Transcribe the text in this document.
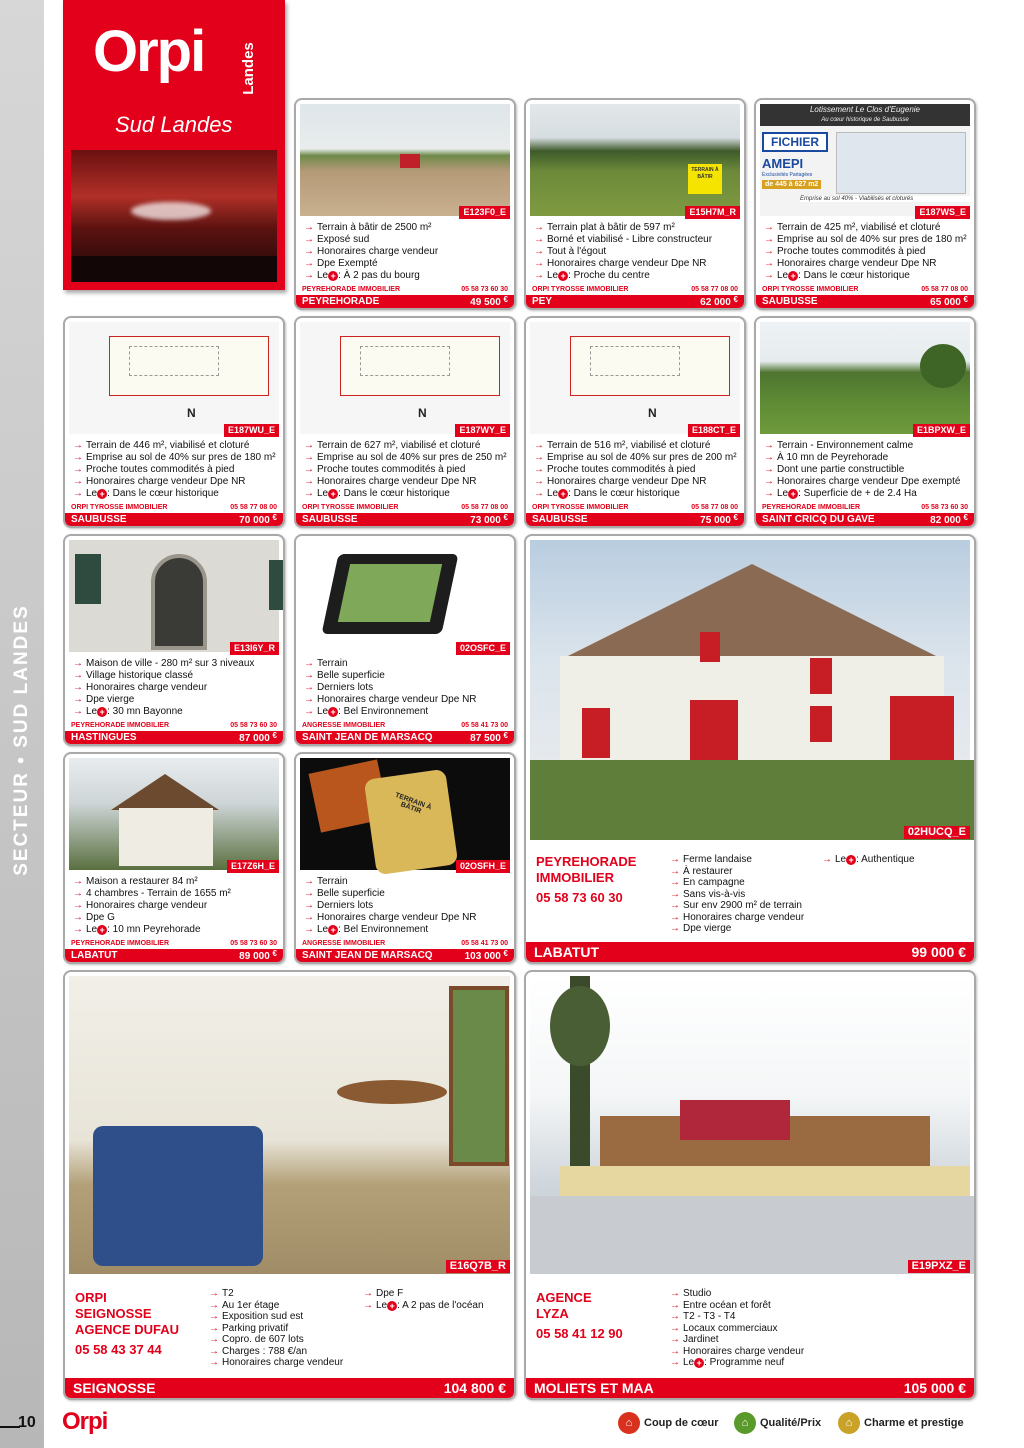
SECTEUR • SUD LANDES
Orpi Landes
Sud Landes
E123F0_E
→ Terrain à bâtir de 2500 m²
→ Exposé sud
→ Honoraires charge vendeur
→ Dpe Exempté
→ Le + : À 2 pas du bourg
PEYREHORADE IMMOBILIER	05 58 73 60 30
PEYREHORADE	49 500 €
TERRAIN À BÂTIR
E15H7M_R
→ Terrain plat à bâtir de 597 m²
→ Borné et viabilisé - Libre constructeur
→ Tout à l'égout
→ Honoraires charge vendeur Dpe NR
→ Le + : Proche du centre
ORPI TYROSSE IMMOBILIER	05 58 77 08 00
PEY	62 000 €
Lotissement Le Clos d'Eugenie
Au cœur historique de Saubusse
FICHIER
AMEPI
Exclusivités Partagées
de 445 à 627 m2
Emprise au sol 40% - Viabilisés et cloturés
E187WS_E
→ Terrain de 425 m², viabilisé et cloturé
→ Emprise au sol de 40% sur pres de 180 m²
→ Proche toutes commodités à pied
→ Honoraires charge vendeur Dpe NR
→ Le + : Dans le cœur historique
ORPI TYROSSE IMMOBILIER	05 58 77 08 00
SAUBUSSE	65 000 €
N
E187WU_E
→ Terrain de 446 m², viabilisé et cloturé
→ Emprise au sol de 40% sur pres de 180 m²
→ Proche toutes commodités à pied
→ Honoraires charge vendeur Dpe NR
→ Le + : Dans le cœur historique
ORPI TYROSSE IMMOBILIER	05 58 77 08 00
SAUBUSSE	70 000 €
N
E187WY_E
→ Terrain de 627 m², viabilisé et cloturé
→ Emprise au sol de 40% sur pres de 250 m²
→ Proche toutes commodités à pied
→ Honoraires charge vendeur Dpe NR
→ Le + : Dans le cœur historique
ORPI TYROSSE IMMOBILIER	05 58 77 08 00
SAUBUSSE	73 000 €
N
E188CT_E
→ Terrain de 516 m², viabilisé et cloturé
→ Emprise au sol de 40% sur pres de 200 m²
→ Proche toutes commodités à pied
→ Honoraires charge vendeur Dpe NR
→ Le + : Dans le cœur historique
ORPI TYROSSE IMMOBILIER	05 58 77 08 00
SAUBUSSE	75 000 €
E1BPXW_E
→ Terrain - Environnement calme
→ À 10 mn de Peyrehorade
→ Dont une partie constructible
→ Honoraires charge vendeur Dpe exempté
→ Le + : Superficie de + de 2.4 Ha
PEYREHORADE IMMOBILIER	05 58 73 60 30
SAINT CRICQ DU GAVE	82 000 €
E13I6Y_R
→ Maison de ville - 280 m² sur 3 niveaux
→ Village historique classé
→ Honoraires charge vendeur
→ Dpe vierge
→ Le + : 30 mn Bayonne
PEYREHORADE IMMOBILIER	05 58 73 60 30
HASTINGUES	87 000 €
02OSFC_E
→ Terrain
→ Belle superficie
→ Derniers lots
→ Honoraires charge vendeur Dpe NR
→ Le + : Bel Environnement
ANGRESSE IMMOBILIER	05 58 41 73 00
SAINT JEAN DE MARSACQ	87 500 €
E17Z6H_E
→ Maison a restaurer 84 m²
→ 4 chambres - Terrain de 1655 m²
→ Honoraires charge vendeur
→ Dpe G
→ Le + : 10 mn Peyrehorade
PEYREHORADE IMMOBILIER	05 58 73 60 30
LABATUT	89 000 €
TERRAIN À BÂTIR
02OSFH_E
→ Terrain
→ Belle superficie
→ Derniers lots
→ Honoraires charge vendeur Dpe NR
→ Le + : Bel Environnement
ANGRESSE IMMOBILIER	05 58 41 73 00
SAINT JEAN DE MARSACQ	103 000 €
02HUCQ_E
PEYREHORADE
IMMOBILIER
05 58 73 60 30
→ Ferme landaise
→ À restaurer
→ En campagne
→ Sans vis-à-vis
→ Sur env 2900 m² de terrain
→ Honoraires charge vendeur
→ Dpe vierge
→ Le + : Authentique
LABATUT	99 000 €
E16Q7B_R
ORPI
SEIGNOSSE
AGENCE DUFAU
05 58 43 37 44
→ T2
→ Au 1er étage
→ Exposition sud est
→ Parking privatif
→ Copro. de 607 lots
→ Charges : 788 €/an
→ Honoraires charge vendeur
→ Dpe F
→ Le + : A 2 pas de l'océan
SEIGNOSSE	104 800 €
E19PXZ_E
AGENCE
LYZA
05 58 41 12 90
→ Studio
→ Entre océan et forêt
→ T2 - T3 - T4
→ Locaux commerciaux
→ Jardinet
→ Honoraires charge vendeur
→ Le + : Programme neuf
MOLIETS ET MAA	105 000 €
10 Orpi	⌂	Coup de cœur	⌂	Qualité/Prix	⌂	Charme et prestige
